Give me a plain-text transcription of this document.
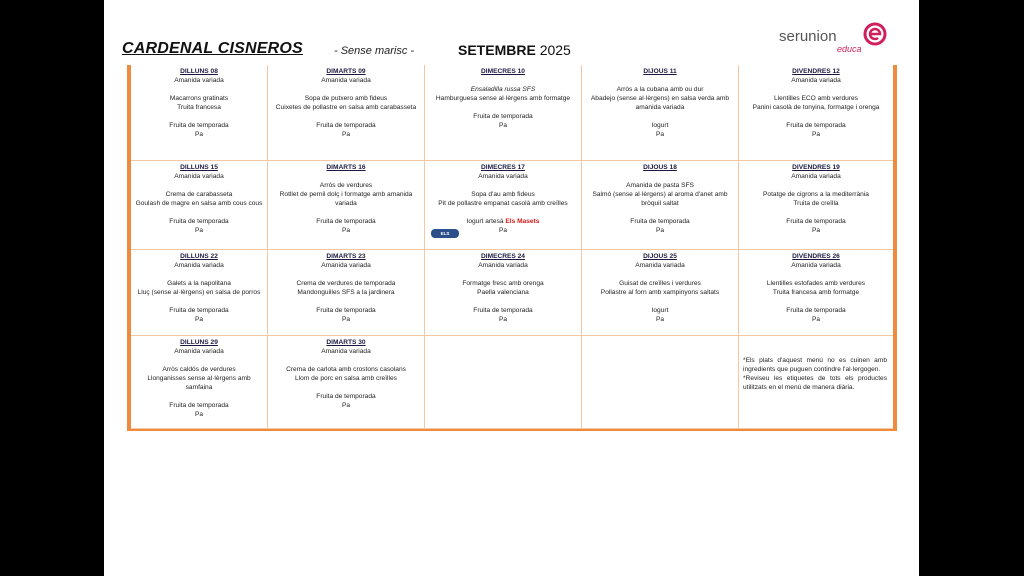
CARDENAL CISNEROS	- Sense marisc -	SETEMBRE 2025
serunion
educa
DILLUNS 08
Amanida variada
Macarrons gratinats
Truita francesa
Fruita de temporada
Pa
DIMARTS 09
Amanida variada
Sopa de putxero amb fideus
Cuixetes de pollastre en salsa amb carabasseta
Fruita de temporada
Pa
DIMECRES 10
Ensaladilla russa SFS
Hamburguesa sense al·lèrgens amb formatge
Fruita de temporada
Pa
DIJOUS 11
Arròs a la cubana amb ou dur
Abadejo (sense al·lèrgens) en salsa verda amb amanida variada
Iogurt
Pa
DIVENDRES 12
Amanida variada
Llentilles ECO amb verdures
Panini casolà de tonyina, formatge i orenga
Fruita de temporada
Pa
DILLUNS 15
Amanida variada
Crema de carabasseta
Goulash de magre en salsa amb cous cous
Fruita de temporada
Pa
DIMARTS 16
Arròs de verdures
Rotllet de pernil dolç i formatge amb amanida variada
Fruita de temporada
Pa
DIMECRES 17
Amanida variada
Sopa d'au amb fideus
Pit de pollastre empanat casolà amb creïlles
Iogurt artesà Els Masets
Pa
ELS MASETS
DIJOUS 18
Amanida de pasta SFS
Salmó (sense al·lèrgens) al aroma d'anet amb bròquil saltat
Fruita de temporada
Pa
DIVENDRES 19
Amanida variada
Potatge de cigrons a la mediterrània
Truita de creïlla
Fruita de temporada
Pa
DILLUNS 22
Amanida variada
Galets a la napolitana
Lluç (sense al·lèrgens) en salsa de porros
Fruita de temporada
Pa
DIMARTS 23
Amanida variada
Crema de verdures de temporada
Mandonguilles SFS a la jardinera
Fruita de temporada
Pa
DIMECRES 24
Amanida variada
Formatge fresc amb orenga
Paella valenciana
Fruita de temporada
Pa
DIJOUS 25
Amanida variada
Guisat de creïlles i verdures
Pollastre al forn amb xampinyons saltats
Iogurt
Pa
DIVENDRES 26
Amanida variada
Llentilles estofades amb verdures
Truita francesa amb formatge
Fruita de temporada
Pa
DILLUNS 29
Amanida variada
Arròs caldós de verdures
Llonganisses sense al·lèrgens amb samfaina
Fruita de temporada
Pa
DIMARTS 30
Amanida variada
Crema de carlota amb crostons casolans
Llom de porc en salsa amb creïlles
Fruita de temporada
Pa
*Els plats d'aquest menú no es cuinen amb ingredients que puguen contindre l'al·lergogen.
*Reviseu les etiquetes de tots els productes utilitzats en el menú de manera diària.
